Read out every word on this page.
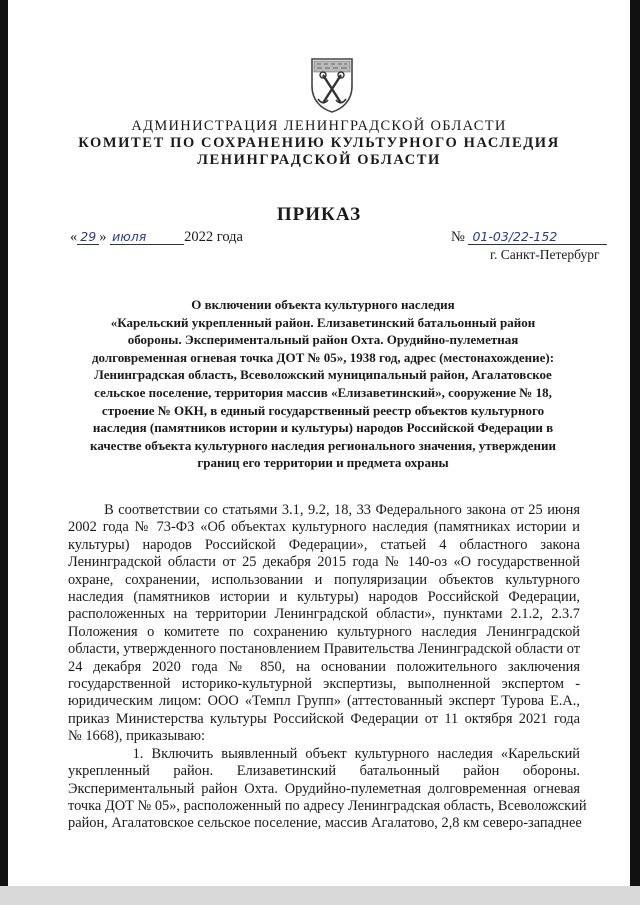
АДМИНИСТРАЦИЯ ЛЕНИНГРАДСКОЙ ОБЛАСТИ
КОМИТЕТ ПО СОХРАНЕНИЮ КУЛЬТУРНОГО НАСЛЕДИЯ
ЛЕНИНГРАДСКОЙ ОБЛАСТИ
ПРИКАЗ
« 29 » июля	2022 года	№ 01-03/22-152
г. Санкт-Петербург
О включении объекта культурного наследия
«Карельский укрепленный район. Елизаветинский батальонный район
обороны. Экспериментальный район Охта. Орудийно-пулеметная
долговременная огневая точка ДОТ № 05», 1938 год, адрес (местонахождение):
Ленинградская область, Всеволожский муниципальный район, Агалатовское
сельское поселение, территория массив «Елизаветинский», сооружение № 18,
строение № ОКН, в единый государственный реестр объектов культурного
наследия (памятников истории и культуры) народов Российской Федерации в
качестве объекта культурного наследия регионального значения, утверждении
границ его территории и предмета охраны
В соответствии со статьями 3.1, 9.2, 18, 33 Федерального закона от 25 июня
2002 года № 73-ФЗ «Об объектах культурного наследия (памятниках истории и
культуры) народов Российской Федерации», статьей 4 областного закона
Ленинградской области от 25 декабря 2015 года № 140-оз «О государственной
охране, сохранении, использовании и популяризации объектов культурного
наследия (памятников истории и культуры) народов Российской Федерации,
расположенных на территории Ленинградской области», пунктами 2.1.2, 2.3.7
Положения о комитете по сохранению культурного наследия Ленинградской
области, утвержденного постановлением Правительства Ленинградской области от
24 декабря 2020 года № 850, на основании положительного заключения
государственной историко-культурной экспертизы, выполненной экспертом -
юридическим лицом: ООО «Темпл Групп» (аттестованный эксперт Турова Е.А.,
приказ Министерства культуры Российской Федерации от 11 октября 2021 года
№ 1668), приказываю:
1. Включить выявленный объект культурного наследия «Карельский
укрепленный район. Елизаветинский батальонный район обороны.
Экспериментальный район Охта. Орудийно-пулеметная долговременная огневая
точка ДОТ № 05», расположенный по адресу Ленинградская область, Всеволожский
район, Агалатовское сельское поселение, массив Агалатово, 2,8 км северо-западнее
